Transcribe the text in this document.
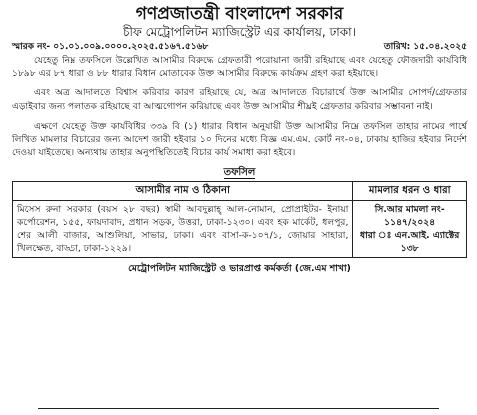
গণপ্রজাতন্ত্রী বাংলাদেশ সরকার
চীফ মেট্রোপলিটন ম্যাজিস্ট্রেট এর কার্যালয়, ঢাকা।
স্মারক নং- ০১.০১.০০৯.০০০০.২০২৫.৫১৬৭.৫১৬৮	তারিখ: ১৫.০৪.২০২৫

যেহেতু নিম্ন তফসিলে উল্লেখিত আসামীর বিরুদ্ধে গ্রেফতারী পরোয়ানা জারী রহিয়াছে এবং যেহেতু ফৌজদারী কার্যবিধি ১৮৯৮ এর ৮৭ ধারা ও ৮৮ ধারার বিধান মোতাবেক উক্ত আসামীর বিরুদ্ধে কার্যক্রম গ্রহণ করা হইয়াছে।

এবং অত্র আদালতে বিশ্বাস করিবার কারণ রহিয়াছে যে, অত্র আদালতে বিচারার্থে উক্ত আসামীর সোপর্দ/গ্রেফতার এড়াইবার জন্য পলাতক রহিয়াছে বা আত্মগোপন করিয়াছে এবং উক্ত আসামীর শীঘ্রই গ্রেফতার করিবার সম্ভাবনা নাই।

এক্ষণে যেহেতু উক্ত কার্যবিধির ৩৩৯ বি (১) ধারার বিধান অনুযায়ী উক্ত আসামীর নিম্নে তফসিল তাহার নামের পার্শ্বে লিখিত মামলার বিচারের জন্য আদেশ জারী হইবার ১০ দিনের মধ্যে বিজ্ঞ এম.এম. কোর্ট নং-০৪, ঢাকায় হাজির হইবার নির্দেশ দেওয়া যাইতেছে। অন্যথায় তাহার অনুপস্থিতিতেই বিচার কার্য সমাধা করা হইবে।

তফসিল
আসামীর নাম ও ঠিকানা	মামলার ধরন ও ধারা
মিসেস রুনা সরকার (বয়স ২৮ বছর) স্বামী আবদুল্লাহ্ আল-নোমান, প্রোপ্রাইটর- ইনায়া কর্পোরেশন, ১৫৫, ফায়দাবাদ, প্রধান সড়ক, উত্তরা, ঢাকা-১২৩০। এবং হক মার্কেট, ধলপুর, শের আলী বাজার, আশুলিয়া, সাভার, ঢাকা। এবং বাসা-ক-১০৭/১, জোয়ার সাহারা, খিলক্ষেত, বাড্ডা, ঢাকা-১২২৯।	সি.আর মামলা নং- ১১৪৭/২০২৪
ধারা ঃ এন.আই. এ্যাক্টের ১৩৮
মেট্রোপলিটন ম্যাজিস্ট্রেট ও ভারপ্রাপ্ত কর্মকর্তা (জে.এম শাখা)
